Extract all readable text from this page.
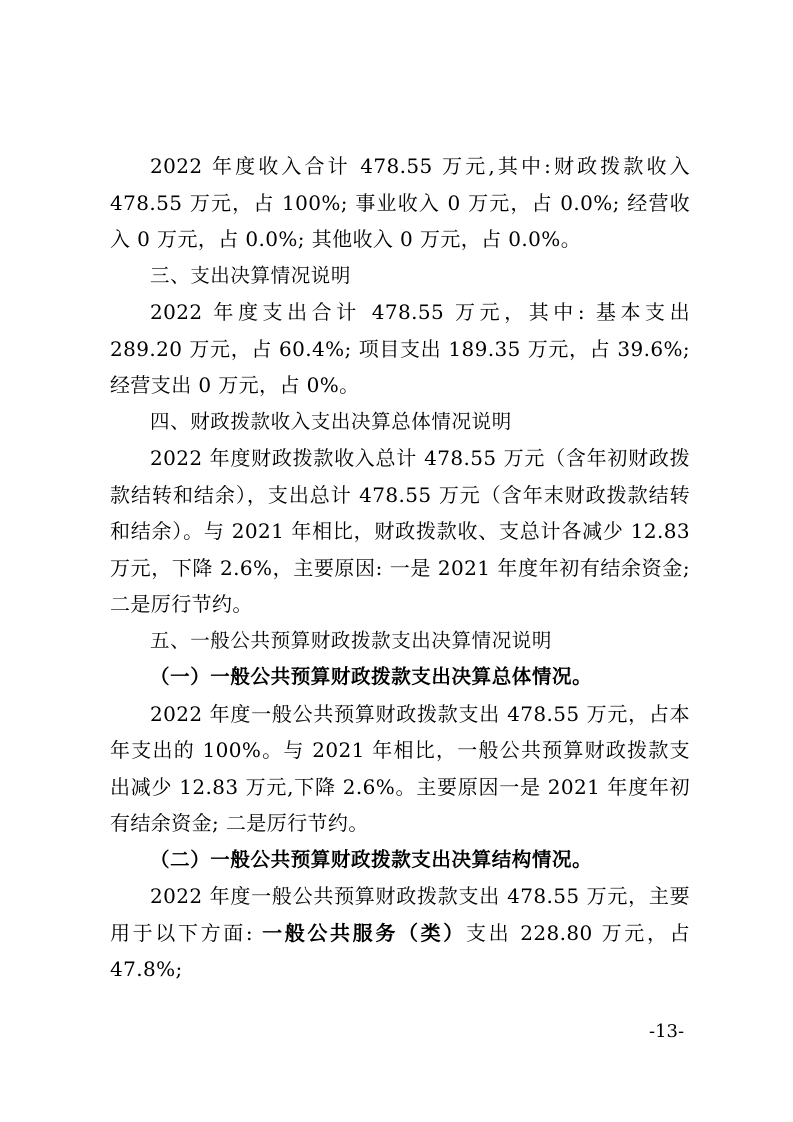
2022 年度收入合计 478.55 万元,其中:财政拨款收入 478.55 万元，占 100%; 事业收入 0 万元，占 0.0%; 经营收入 0 万元，占 0.0%; 其他收入 0 万元，占 0.0%。

三、支出决算情况说明

2022 年度支出合计 478.55 万元，其中: 基本支出 289.20 万元，占 60.4%; 项目支出 189.35 万元，占 39.6%; 经营支出 0 万元，占 0%。

四、财政拨款收入支出决算总体情况说明

2022 年度财政拨款收入总计 478.55 万元（含年初财政拨款结转和结余），支出总计 478.55 万元（含年末财政拨款结转和结余）。与 2021 年相比，财政拨款收、支总计各减少 12.83 万元，下降 2.6%，主要原因: 一是 2021 年度年初有结余资金; 二是厉行节约。

五、一般公共预算财政拨款支出决算情况说明

（一）一般公共预算财政拨款支出决算总体情况。

2022 年度一般公共预算财政拨款支出 478.55 万元，占本年支出的 100%。与 2021 年相比，一般公共预算财政拨款支出减少 12.83 万元,下降 2.6%。主要原因一是 2021 年度年初有结余资金; 二是厉行节约。

（二）一般公共预算财政拨款支出决算结构情况。

2022 年度一般公共预算财政拨款支出 478.55 万元，主要用于以下方面: 一般公共服务（类）支出 228.80 万元，占 47.8%;

-13-
